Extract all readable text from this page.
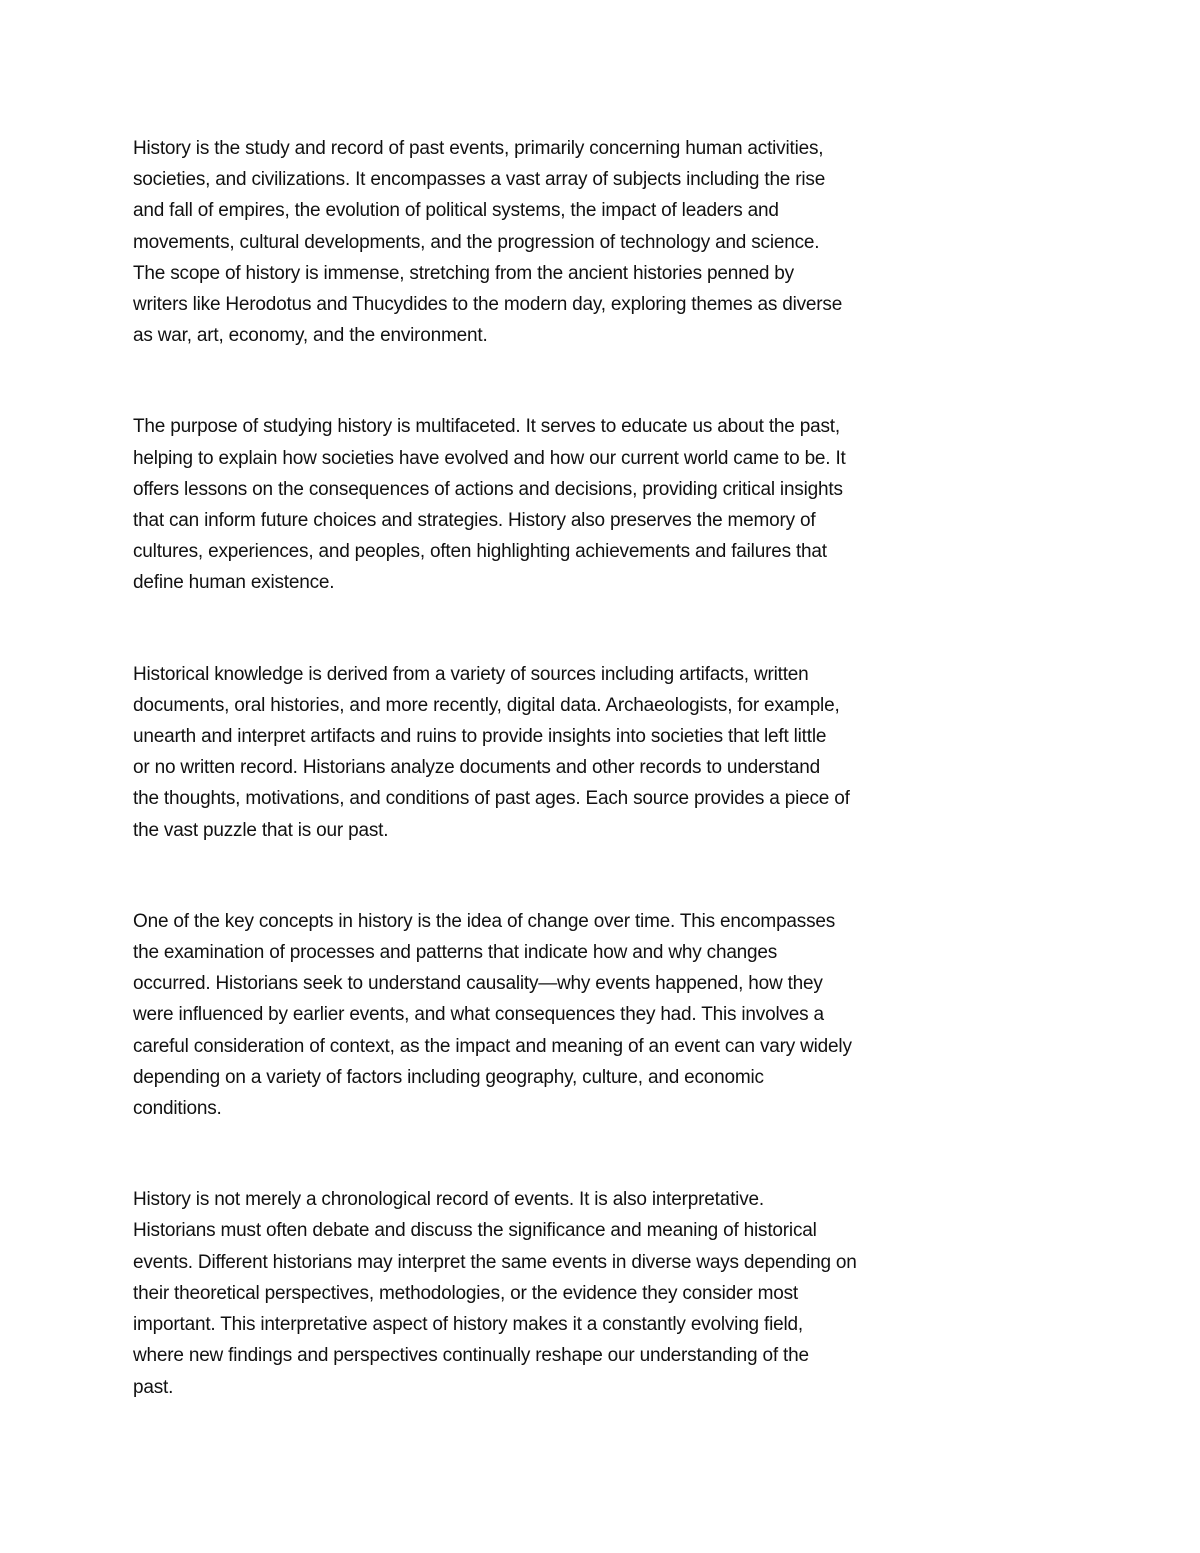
History is the study and record of past events, primarily concerning human activities,
societies, and civilizations. It encompasses a vast array of subjects including the rise
and fall of empires, the evolution of political systems, the impact of leaders and
movements, cultural developments, and the progression of technology and science.
The scope of history is immense, stretching from the ancient histories penned by
writers like Herodotus and Thucydides to the modern day, exploring themes as diverse
as war, art, economy, and the environment.

The purpose of studying history is multifaceted. It serves to educate us about the past,
helping to explain how societies have evolved and how our current world came to be. It
offers lessons on the consequences of actions and decisions, providing critical insights
that can inform future choices and strategies. History also preserves the memory of
cultures, experiences, and peoples, often highlighting achievements and failures that
define human existence.

Historical knowledge is derived from a variety of sources including artifacts, written
documents, oral histories, and more recently, digital data. Archaeologists, for example,
unearth and interpret artifacts and ruins to provide insights into societies that left little
or no written record. Historians analyze documents and other records to understand
the thoughts, motivations, and conditions of past ages. Each source provides a piece of
the vast puzzle that is our past.

One of the key concepts in history is the idea of change over time. This encompasses
the examination of processes and patterns that indicate how and why changes
occurred. Historians seek to understand causality—why events happened, how they
were influenced by earlier events, and what consequences they had. This involves a
careful consideration of context, as the impact and meaning of an event can vary widely
depending on a variety of factors including geography, culture, and economic
conditions.

History is not merely a chronological record of events. It is also interpretative.
Historians must often debate and discuss the significance and meaning of historical
events. Different historians may interpret the same events in diverse ways depending on
their theoretical perspectives, methodologies, or the evidence they consider most
important. This interpretative aspect of history makes it a constantly evolving field,
where new findings and perspectives continually reshape our understanding of the
past.
